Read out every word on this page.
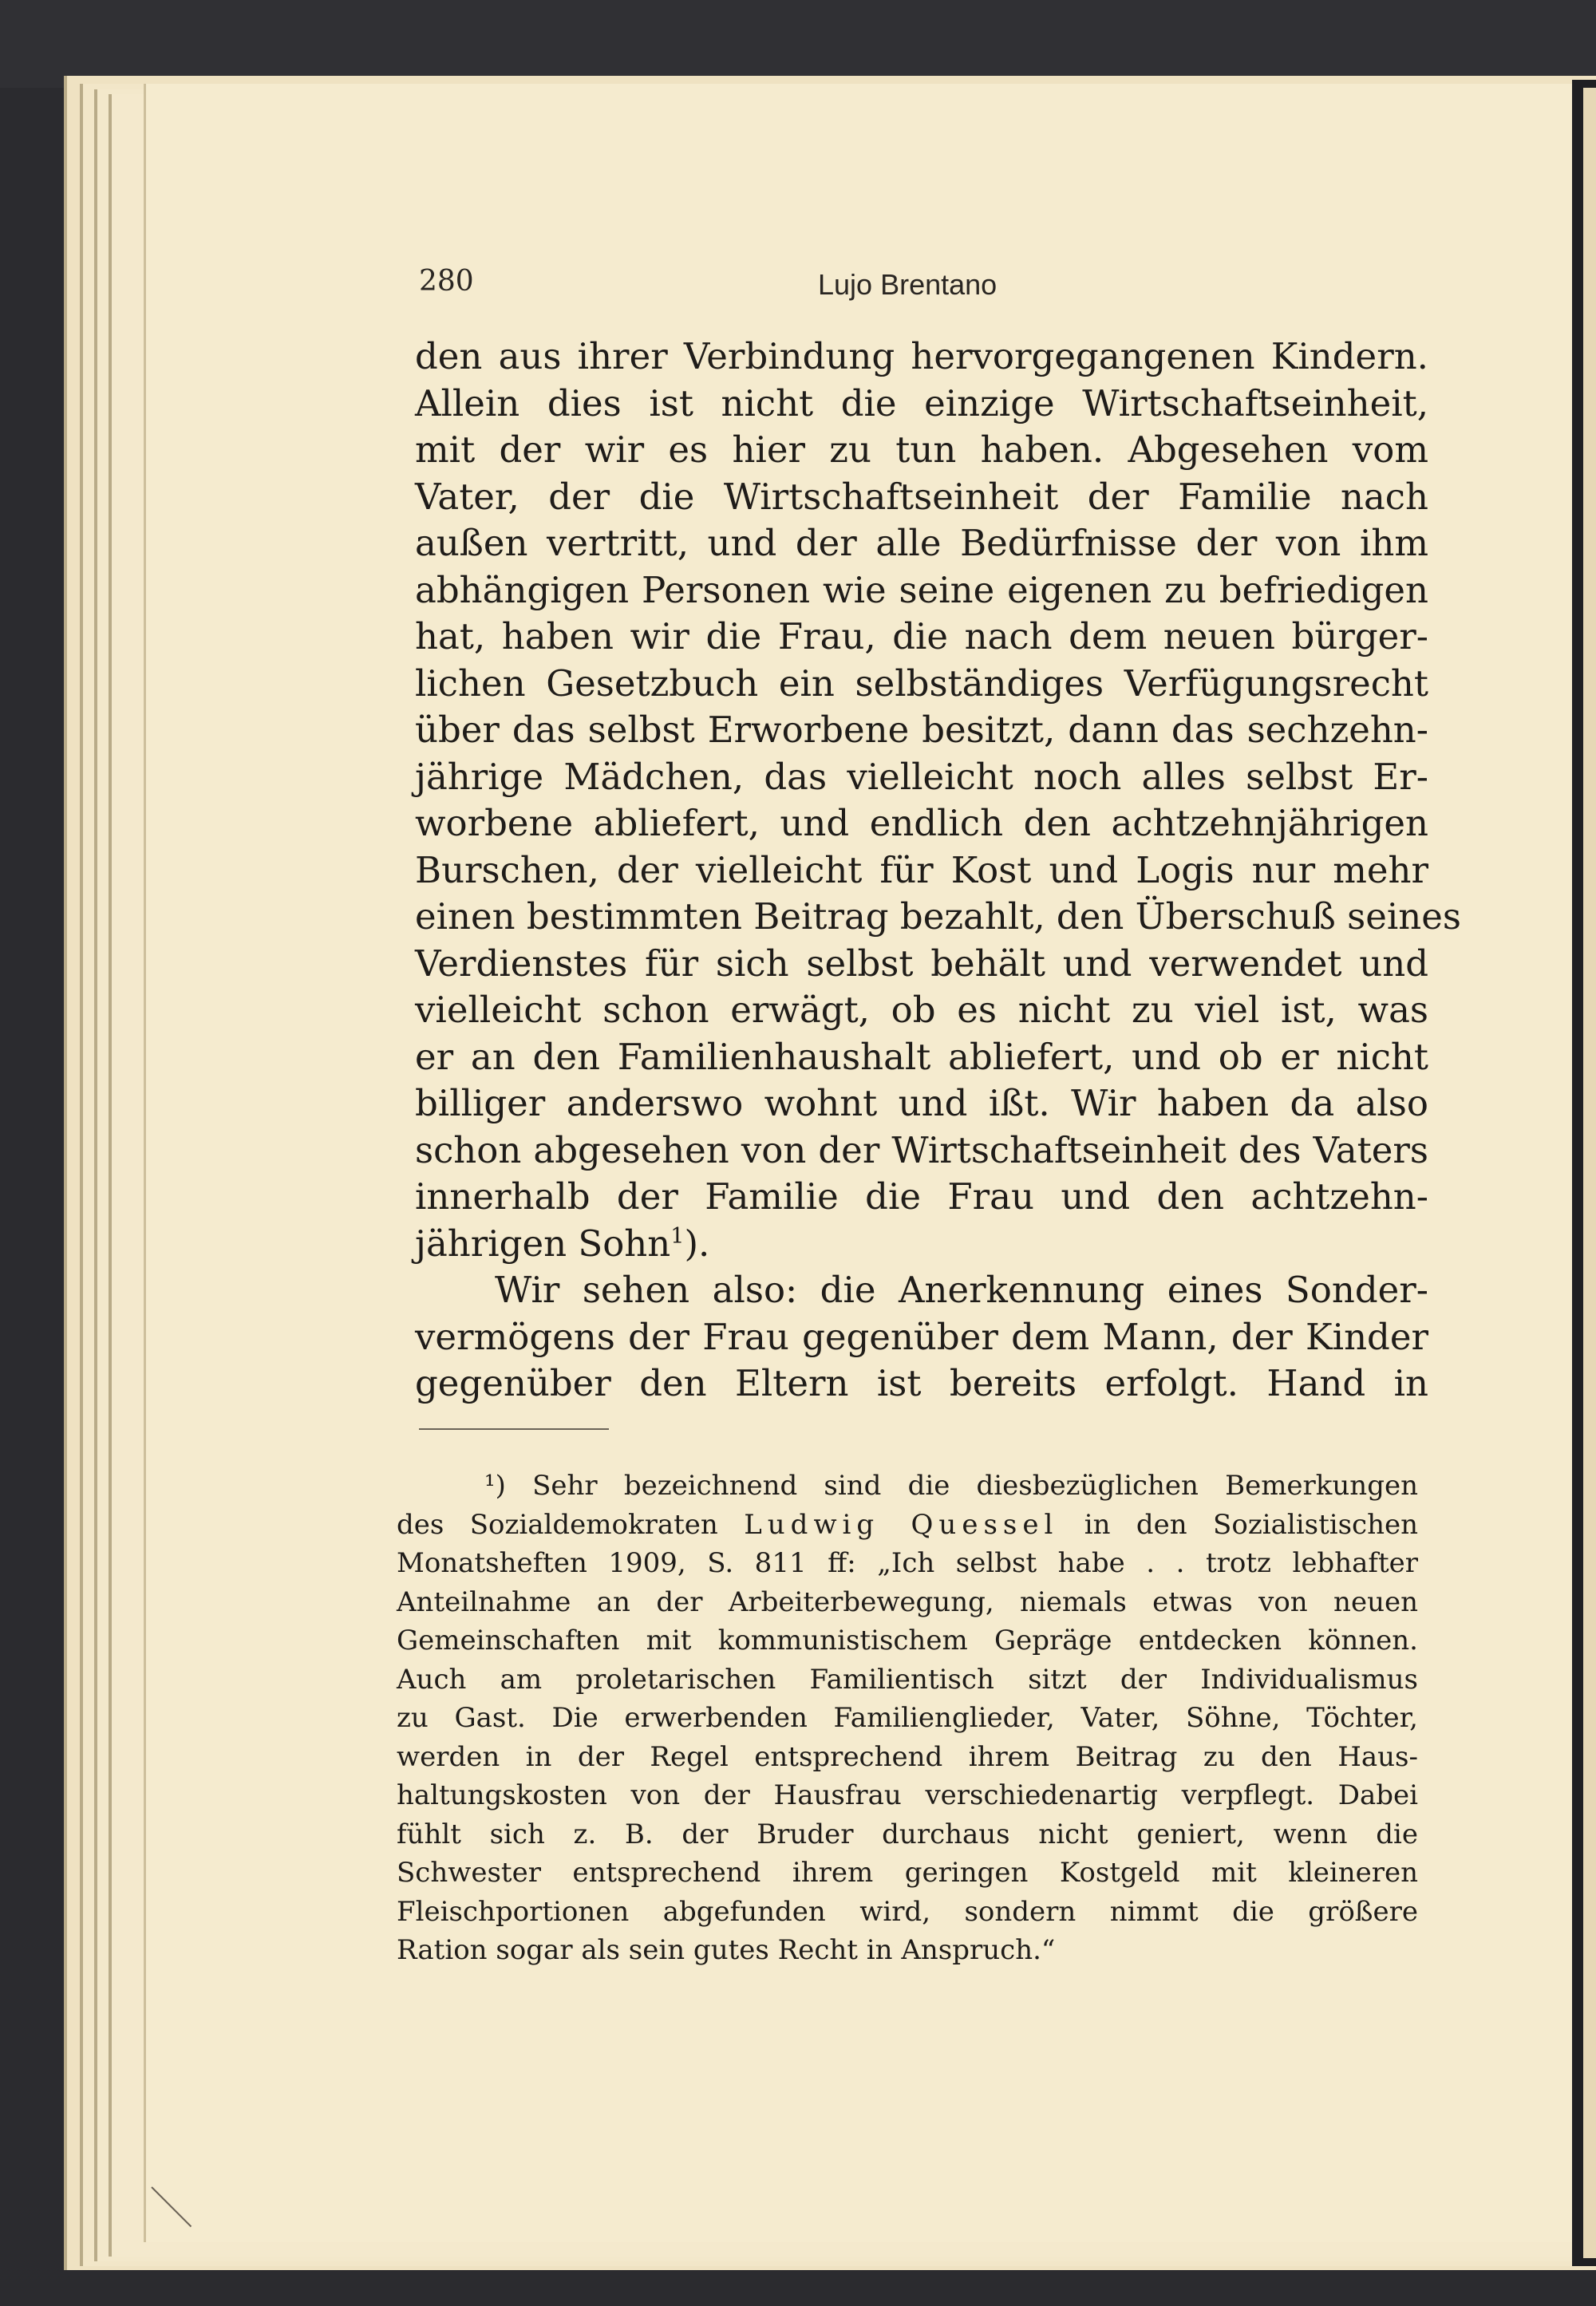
280	Lujo Brentano
den aus ihrer Verbindung hervorgegangenen Kindern.
Allein dies ist nicht die einzige Wirtschaftseinheit,
mit der wir es hier zu tun haben. Abgesehen vom
Vater, der die Wirtschaftseinheit der Familie nach
außen vertritt, und der alle Bedürfnisse der von ihm
abhängigen Personen wie seine eigenen zu befriedigen
hat, haben wir die Frau, die nach dem neuen bürger-
lichen Gesetzbuch ein selbständiges Verfügungsrecht
über das selbst Erworbene besitzt, dann das sechzehn-
jährige Mädchen, das vielleicht noch alles selbst Er-
worbene abliefert, und endlich den achtzehnjährigen
Burschen, der vielleicht für Kost und Logis nur mehr
einen bestimmten Beitrag bezahlt, den Überschuß seines
Verdienstes für sich selbst behält und verwendet und
vielleicht schon erwägt, ob es nicht zu viel ist, was
er an den Familienhaushalt abliefert, und ob er nicht
billiger anderswo wohnt und ißt. Wir haben da also
schon abgesehen von der Wirtschaftseinheit des Vaters
innerhalb der Familie die Frau und den achtzehn-
jährigen Sohn$^1$).
Wir sehen also: die Anerkennung eines Sonder-
vermögens der Frau gegenüber dem Mann, der Kinder
gegenüber den Eltern ist bereits erfolgt. Hand in
¹) Sehr bezeichnend sind die diesbezüglichen Bemerkungen
des Sozialdemokraten Ludwig Quessel in den Sozialistischen
Monatsheften 1909, S. 811 ff: „Ich selbst habe . . trotz lebhafter
Anteilnahme an der Arbeiterbewegung, niemals etwas von neuen
Gemeinschaften mit kommunistischem Gepräge entdecken können.
Auch am proletarischen Familientisch sitzt der Individualismus
zu Gast. Die erwerbenden Familienglieder, Vater, Söhne, Töchter,
werden in der Regel entsprechend ihrem Beitrag zu den Haus-
haltungskosten von der Hausfrau verschiedenartig verpflegt. Dabei
fühlt sich z. B. der Bruder durchaus nicht geniert, wenn die
Schwester entsprechend ihrem geringen Kostgeld mit kleineren
Fleischportionen abgefunden wird, sondern nimmt die größere
Ration sogar als sein gutes Recht in Anspruch.“
